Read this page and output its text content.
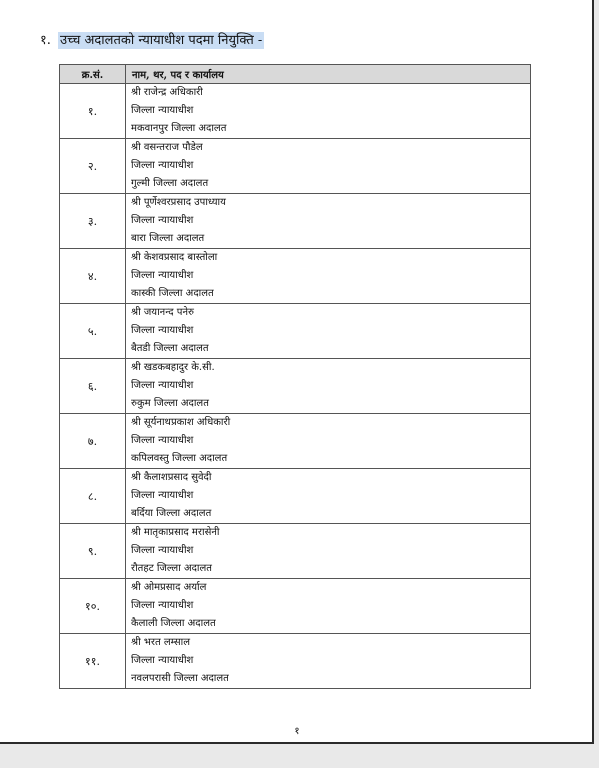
१. उच्च अदालतको न्यायाधीश पदमा नियुक्ति -
क्र.सं.	नाम, थर, पद र कार्यालय
१.	श्री राजेन्द्र अधिकारी
जिल्ला न्यायाधीश
मकवानपुर जिल्ला अदालत

२.	श्री वसन्तराज पौडेल
जिल्ला न्यायाधीश
गुल्मी जिल्ला अदालत

३.	श्री पूर्णेश्वरप्रसाद उपाध्याय
जिल्ला न्यायाधीश
बारा जिल्ला अदालत

४.	श्री केशवप्रसाद बास्तोला
जिल्ला न्यायाधीश
कास्की जिल्ला अदालत

५.	श्री जयानन्द पनेरु
जिल्ला न्यायाधीश
बैतडी जिल्ला अदालत

६.	श्री खडकबहादुर के.सी.
जिल्ला न्यायाधीश
रुकुम जिल्ला अदालत

७.	श्री सूर्यनाथप्रकाश अधिकारी
जिल्ला न्यायाधीश
कपिलवस्तु जिल्ला अदालत

८.	श्री कैलाशप्रसाद सुवेदी
जिल्ला न्यायाधीश
बर्दिया जिल्ला अदालत

९.	श्री मातृकाप्रसाद मरासेनी
जिल्ला न्यायाधीश
रौतहट जिल्ला अदालत

१०.	श्री ओमप्रसाद अर्याल
जिल्ला न्यायाधीश
कैलाली जिल्ला अदालत

११.	श्री भरत लम्साल
जिल्ला न्यायाधीश
नवलपरासी जिल्ला अदालत
१
